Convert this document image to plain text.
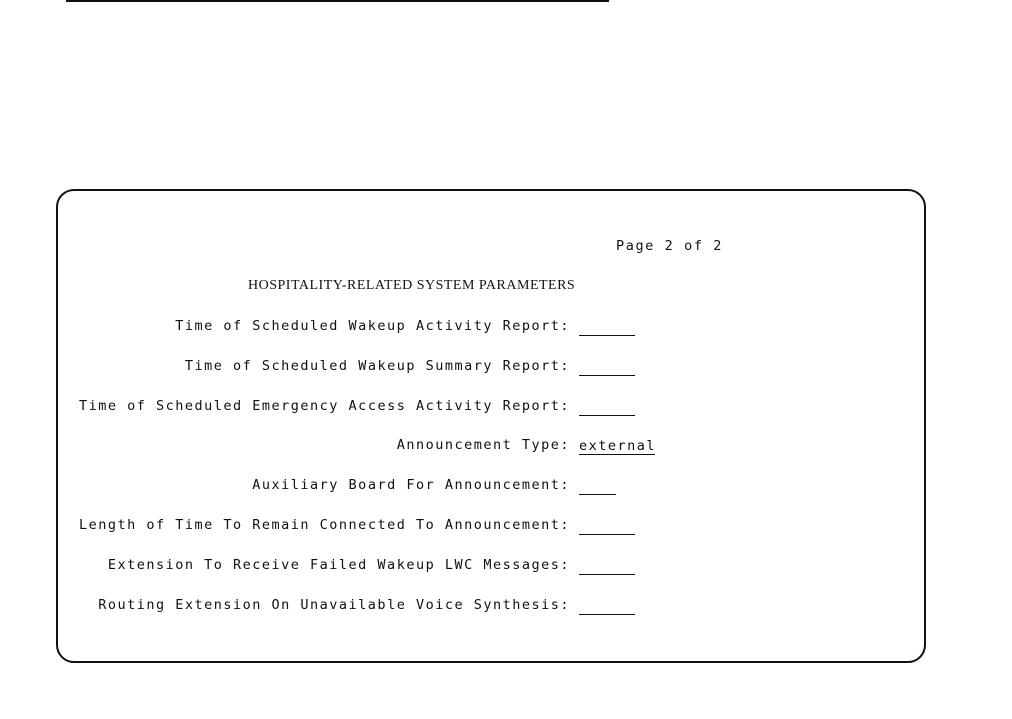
Page 2 of 2
HOSPITALITY-RELATED SYSTEM PARAMETERS
Time of Scheduled Wakeup Activity Report:
Time of Scheduled Wakeup Summary Report:
Time of Scheduled Emergency Access Activity Report:
Announcement Type:
external
Auxiliary Board For Announcement:
Length of Time To Remain Connected To Announcement:
Extension To Receive Failed Wakeup LWC Messages:
Routing Extension On Unavailable Voice Synthesis:
